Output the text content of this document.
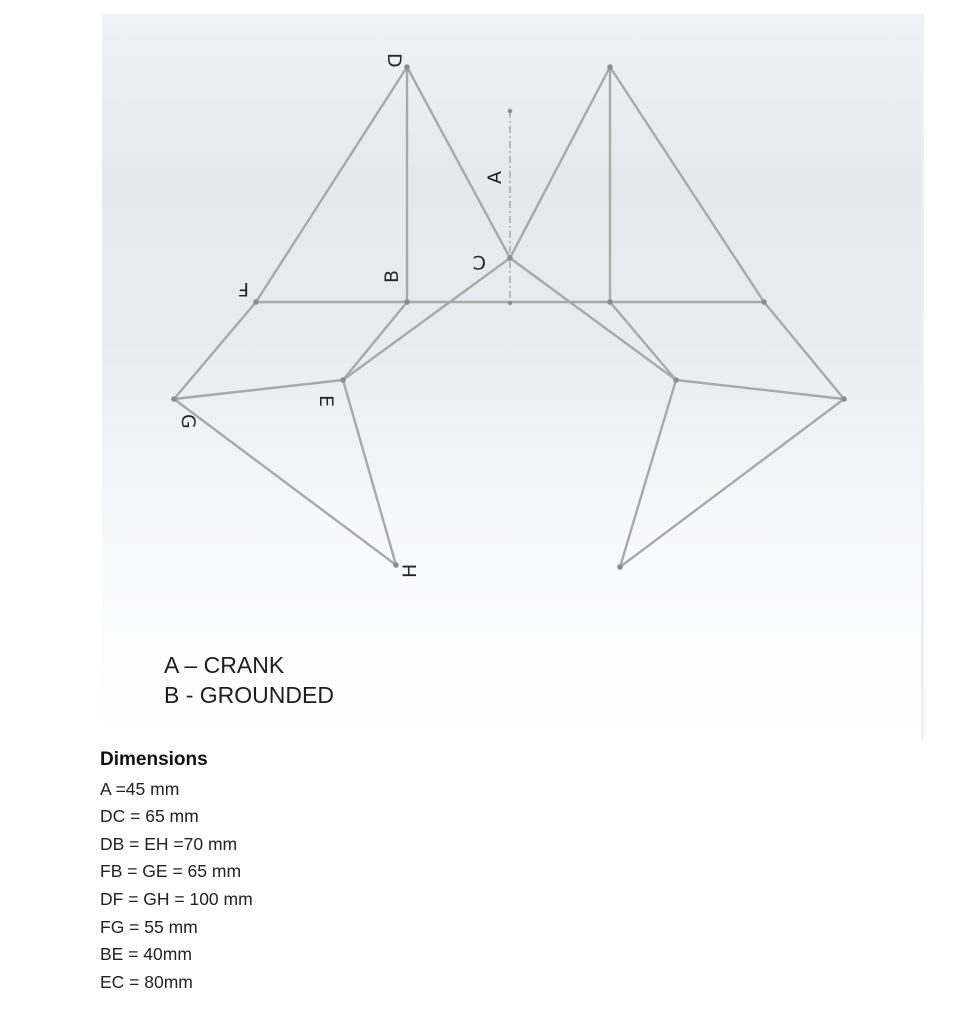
D
A
C
B
F
E
G
H
A – CRANK
B - GROUNDED
Dimensions
A =45 mm
DC = 65 mm
DB = EH =70 mm
FB = GE = 65 mm
DF = GH = 100 mm
FG = 55 mm
BE = 40mm
EC = 80mm
